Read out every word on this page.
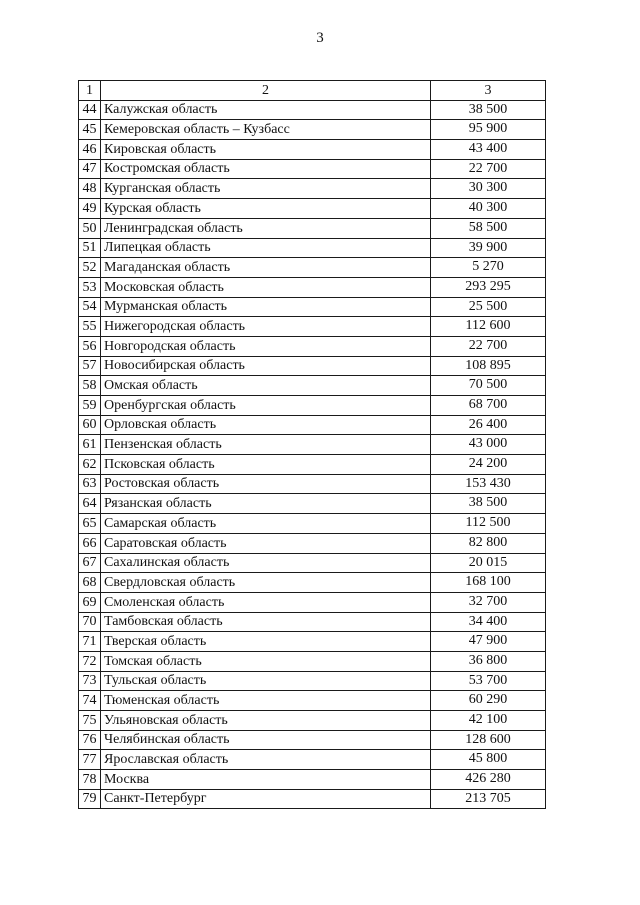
3
1	2	3
44	Калужская область	38 500
45	Кемеровская область – Кузбасс	95 900
46	Кировская область	43 400
47	Костромская область	22 700
48	Курганская область	30 300
49	Курская область	40 300
50	Ленинградская область	58 500
51	Липецкая область	39 900
52	Магаданская область	5 270
53	Московская область	293 295
54	Мурманская область	25 500
55	Нижегородская область	112 600
56	Новгородская область	22 700
57	Новосибирская область	108 895
58	Омская область	70 500
59	Оренбургская область	68 700
60	Орловская область	26 400
61	Пензенская область	43 000
62	Псковская область	24 200
63	Ростовская область	153 430
64	Рязанская область	38 500
65	Самарская область	112 500
66	Саратовская область	82 800
67	Сахалинская область	20 015
68	Свердловская область	168 100
69	Смоленская область	32 700
70	Тамбовская область	34 400
71	Тверская область	47 900
72	Томская область	36 800
73	Тульская область	53 700
74	Тюменская область	60 290
75	Ульяновская область	42 100
76	Челябинская область	128 600
77	Ярославская область	45 800
78	Москва	426 280
79	Санкт-Петербург	213 705
